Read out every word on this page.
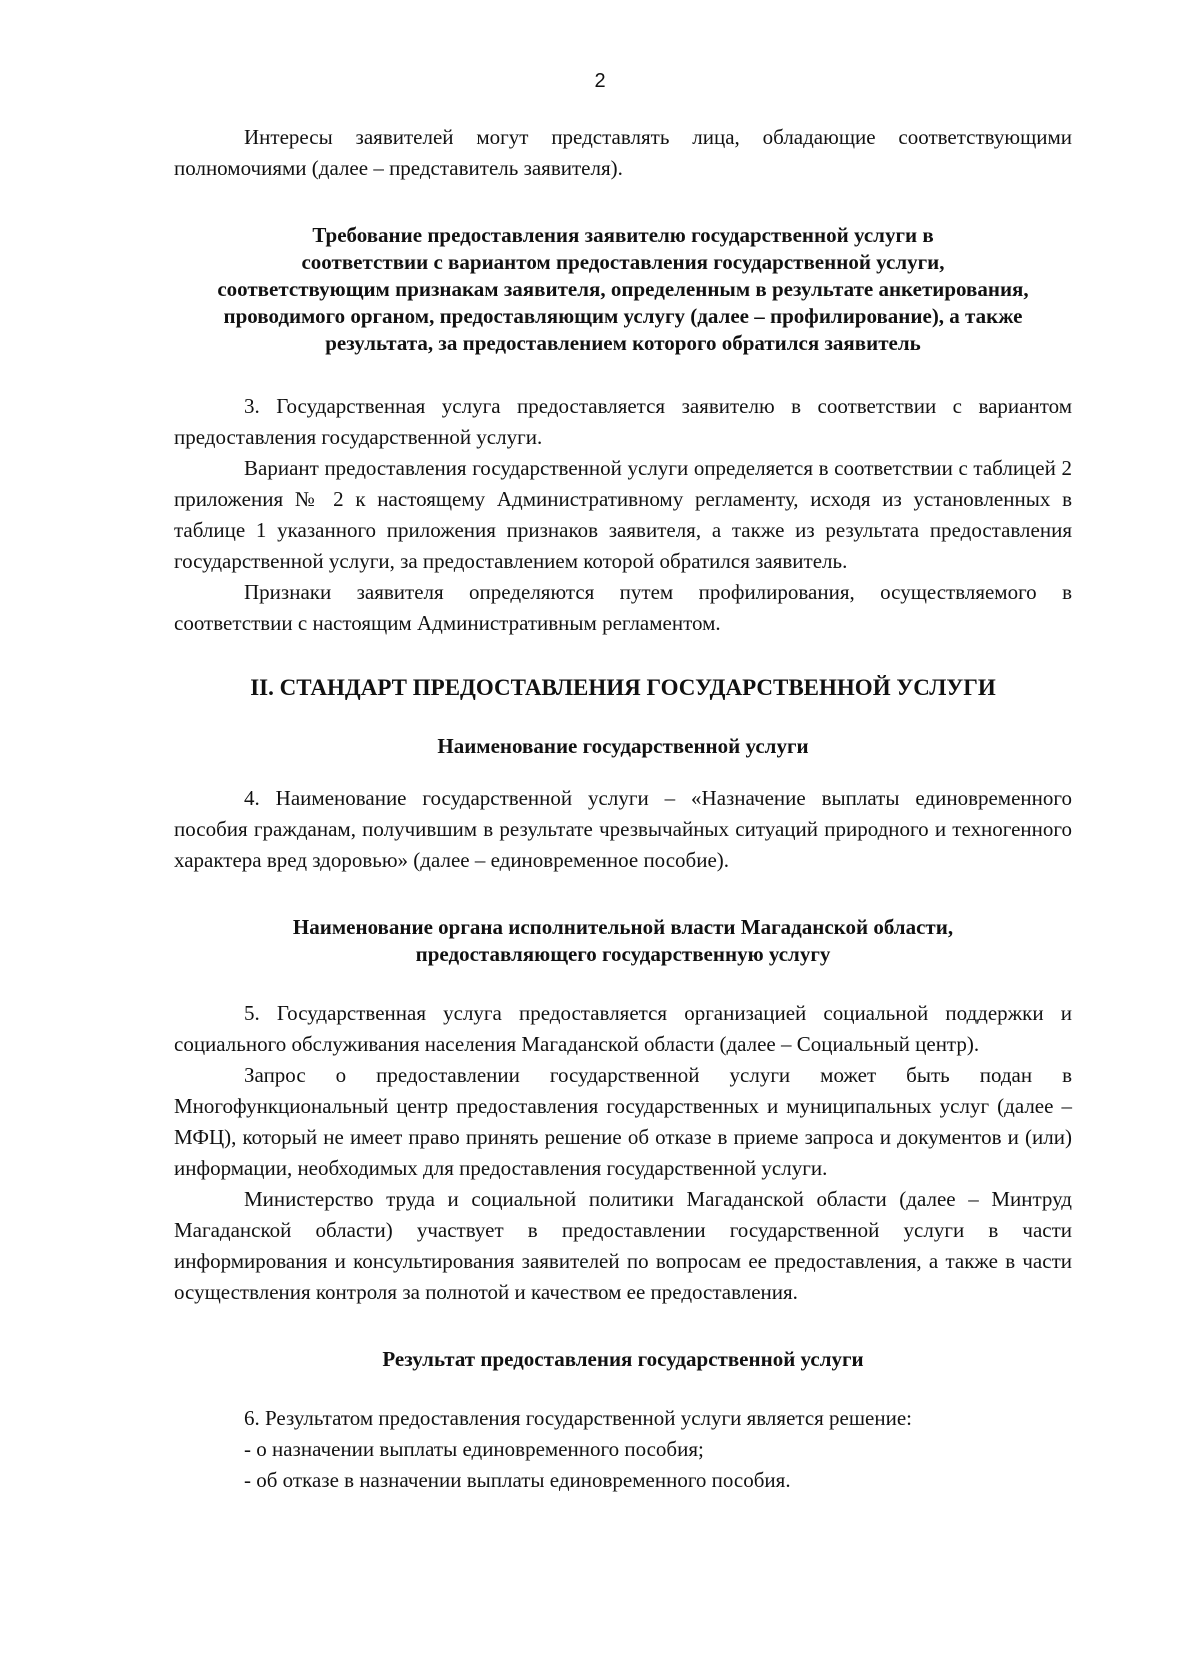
2

Интересы заявителей могут представлять лица, обладающие соответствующими полномочиями (далее – представитель заявителя).

Требование предоставления заявителю государственной услуги в
соответствии с вариантом предоставления государственной услуги,
соответствующим признакам заявителя, определенным в результате анкетирования,
проводимого органом, предоставляющим услугу (далее – профилирование), а также
результата, за предоставлением которого обратился заявитель

3. Государственная услуга предоставляется заявителю в соответствии с вариантом предоставления государственной услуги.

Вариант предоставления государственной услуги определяется в соответствии с таблицей 2 приложения № 2 к настоящему Административному регламенту, исходя из установленных в таблице 1 указанного приложения признаков заявителя, а также из результата предоставления государственной услуги, за предоставлением которой обратился заявитель.

Признаки заявителя определяются путем профилирования, осуществляемого в соответствии с настоящим Административным регламентом.

II. СТАНДАРТ ПРЕДОСТАВЛЕНИЯ ГОСУДАРСТВЕННОЙ УСЛУГИ
Наименование государственной услуги

4. Наименование государственной услуги – «Назначение выплаты единовременного пособия гражданам, получившим в результате чрезвычайных ситуаций природного и техногенного характера вред здоровью» (далее – единовременное пособие).

Наименование органа исполнительной власти Магаданской области,
предоставляющего государственную услугу

5. Государственная услуга предоставляется организацией социальной поддержки и социального обслуживания населения Магаданской области (далее – Социальный центр).

Запрос о предоставлении государственной услуги может быть подан в Многофункциональный центр предоставления государственных и муниципальных услуг (далее – МФЦ), который не имеет право принять решение об отказе в приеме запроса и документов и (или) информации, необходимых для предоставления государственной услуги.

Министерство труда и социальной политики Магаданской области (далее – Минтруд Магаданской области) участвует в предоставлении государственной услуги в части информирования и консультирования заявителей по вопросам ее предоставления, а также в части осуществления контроля за полнотой и качеством ее предоставления.

Результат предоставления государственной услуги

6. Результатом предоставления государственной услуги является решение:

- о назначении выплаты единовременного пособия;
- об отказе в назначении выплаты единовременного пособия.
